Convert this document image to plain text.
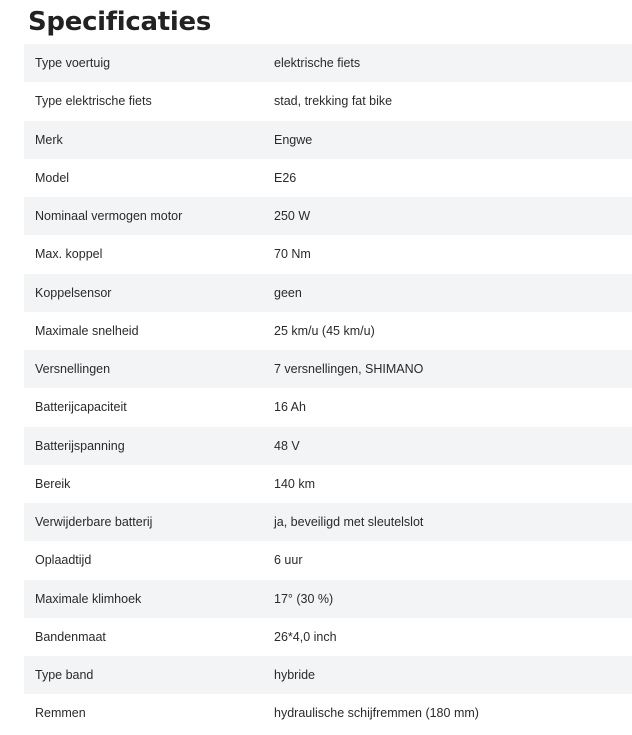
Specificaties
Type voertuig	elektrische fiets
Type elektrische fiets	stad, trekking fat bike
Merk	Engwe
Model	E26
Nominaal vermogen motor	250 W
Max. koppel	70 Nm
Koppelsensor	geen
Maximale snelheid	25 km/u (45 km/u)
Versnellingen	7 versnellingen, SHIMANO
Batterijcapaciteit	16 Ah
Batterijspanning	48 V
Bereik	140 km
Verwijderbare batterij	ja, beveiligd met sleutelslot
Oplaadtijd	6 uur
Maximale klimhoek	17° (30 %)
Bandenmaat	26*4,0 inch
Type band	hybride
Remmen	hydraulische schijfremmen (180 mm)
